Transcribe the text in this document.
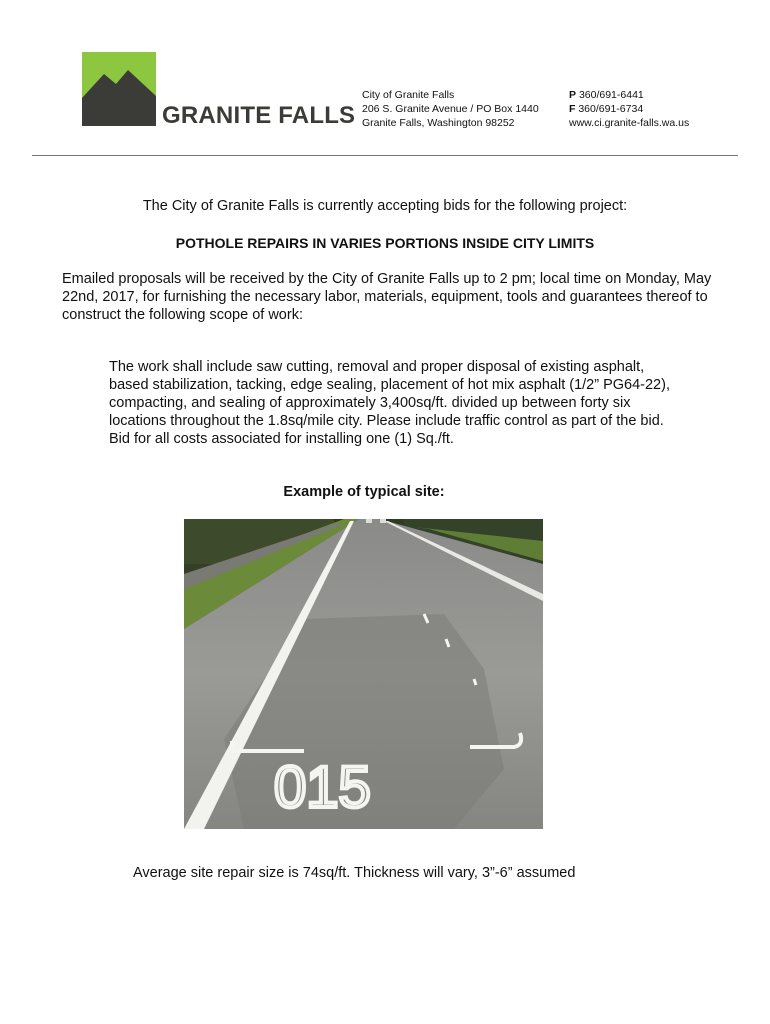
GRANITE FALLS
City of Granite Falls
206 S. Granite Avenue / PO Box 1440
Granite Falls, Washington 98252
P 360/691-6441
F 360/691-6734
www.ci.granite-falls.wa.us
The City of Granite Falls is currently accepting bids for the following project:
POTHOLE REPAIRS IN VARIES PORTIONS INSIDE CITY LIMITS
Emailed proposals will be received by the City of Granite Falls up to 2 pm; local time on Monday, May 22nd, 2017, for furnishing the necessary labor, materials, equipment, tools and guarantees thereof to construct the following scope of work:
The work shall include saw cutting, removal and proper disposal of existing asphalt, based stabilization, tacking, edge sealing, placement of hot mix asphalt (1/2” PG64-22), compacting, and sealing of approximately 3,400sq/ft. divided up between forty six locations throughout the 1.8sq/mile city. Please include traffic control as part of the bid. Bid for all costs associated for installing one (1) Sq./ft.
Example of typical site:
015
Average site repair size is 74sq/ft. Thickness will vary, 3”-6” assumed
